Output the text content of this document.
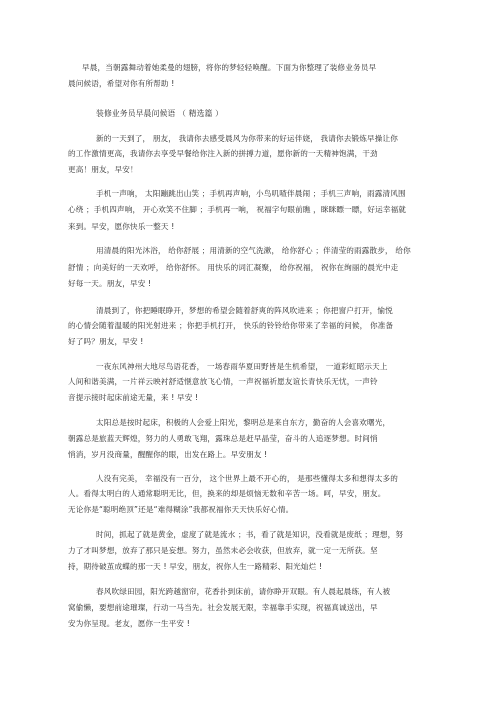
早晨，当朝露舞动着她柔曼的翅膀，将你的梦轻轻唤醒。下面为你整理了装修业务员早
晨问候语，希望对你有所帮助 !
装修业务员早晨问候语 （ 精选篇 ）
新的一天到了， 朋友， 我请你去感受晨风为你带来的好运伴娆， 我请你去锻炼早操让你
的工作激情更高，我请你去享受早餐给你注入新的拼搏力道，愿你新的一天精神饱满，干劲
更高！朋友，早安！
手机一声响， 太阳蹦跳出山笑 ；手机再声响，小鸟叽喳伴晨闹 ；手机三声响，雨露清风围
心绕 ；手机四声响， 开心欢笑不住脚 ；手机再一响， 祝福字句眼前瞧 ，眯眯瞟一瞟，好运幸福就
来到。早安，愿你快乐一整天 !
用清晨的阳光沐浴， 给你舒展 ；用清新的空气洗漱， 给你舒心 ；伴清莹的雨露散步， 给你
舒情 ；向美好的一天欢呼， 给你舒怀。 用快乐的词汇凝聚， 给你祝福， 祝你在绚丽的晨光中走
好每一天。朋友，早安 !
清晨到了，你把睡眠睁开，梦想的希望会随着舒爽的阵风吹进来 ；你把窗户打开，愉悦
的心情会随着温暖的阳光射进来 ；你把手机打开， 快乐的铃铃给你带来了幸福的问候， 你准备
好了吗？朋友，早安 !
一夜东风神州大地尽鸟语花香， 一场春雨华夏田野皆是生机希望， 一道彩虹昭示天上
人间和谐美满，一片祥云映衬舒适惬意放飞心情，一声祝福祈愿友谊长青快乐无忧，一声铃
音提示接时起床前途无量，来 ! 早安 !
太阳总是按时起床，积极的人会爱上阳光，黎明总是来自东方，勤奋的人会喜欢曙光，
朝露总是旅蓝天辉煌，努力的人勇敢飞翔，露珠总是赶早晶莹，奋斗的人追逐梦想。时间悄
悄消，岁月没商量，醒醒你的眼，出发在路上。早安朋友 !
人没有完美， 幸福没有一百分， 这个世界上最不开心的， 是那些懂得太多和想得太多的
人。看得太明白的人通常聪明无比，但，换来的却是烦恼无数和辛苦一场。呵，早安，朋友。
无论你是“聪明绝顶”还是“难得糊涂”我都祝福你天天快乐好心情。
时间，抓起了就是黄金，虚度了就是流水 ；书，看了就是知识，没看就是废纸 ；理想，努
力了才叫梦想，放弃了那只是妄想。努力，虽然未必会收获，但放弃，就一定一无所获。坚
持，期待破茧成蝶的那一天 ! 早安，朋友，祝你人生一路精彩、阳光灿烂 !
春风吹绿田园，阳光跨越窗帘，花香扑到床前，请你睁开双眼。有人晨起晨练，有人被
窝偷懒，要想前途璀璨，行动一马当先。社会发展无限，幸福靠手实现，祝福真诚送出，早
安为你呈现。老友，愿你一生平安 !
